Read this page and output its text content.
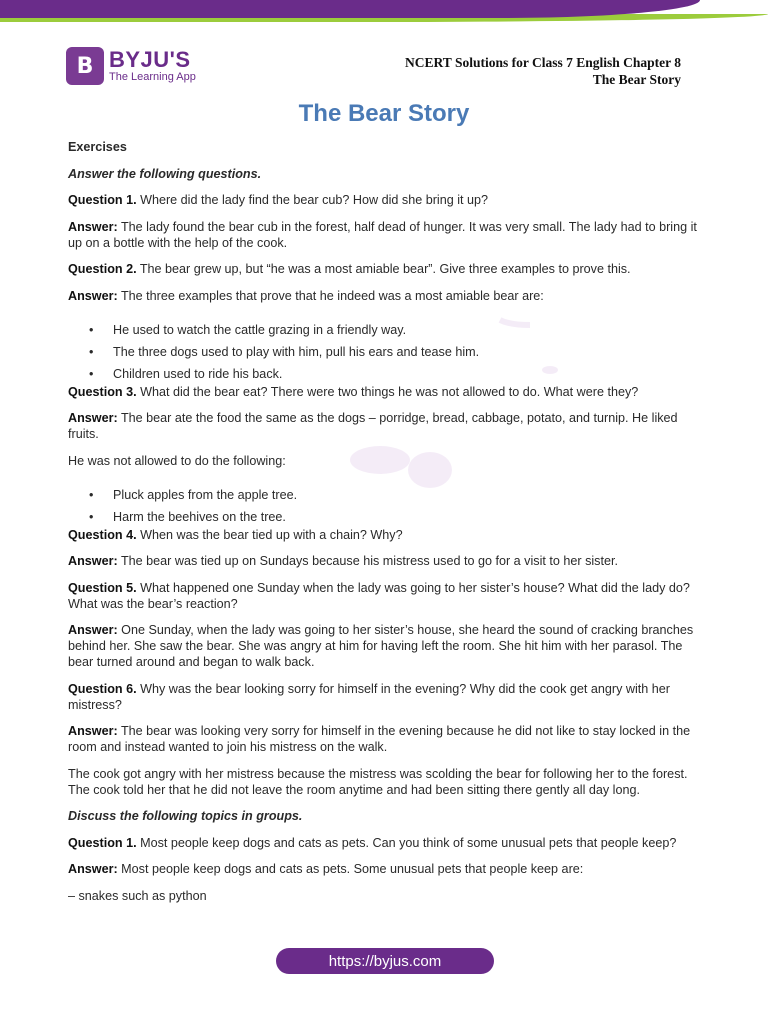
B BYJU'S
The Learning App
NCERT Solutions for Class 7 English Chapter 8
The Bear Story
The Bear Story

Exercises

Answer the following questions.

Question 1. Where did the lady find the bear cub? How did she bring it up?

Answer: The lady found the bear cub in the forest, half dead of hunger. It was very small. The lady had to bring it up on a bottle with the help of the cook.

Question 2. The bear grew up, but “he was a most amiable bear”. Give three examples to prove this.

Answer: The three examples that prove that he indeed was a most amiable bear are:

• He used to watch the cattle grazing in a friendly way.
• The three dogs used to play with him, pull his ears and tease him.
• Children used to ride his back.

Question 3. What did the bear eat? There were two things he was not allowed to do. What were they?

Answer: The bear ate the food the same as the dogs – porridge, bread, cabbage, potato, and turnip. He liked fruits.

He was not allowed to do the following:

• Pluck apples from the apple tree.
• Harm the beehives on the tree.

Question 4. When was the bear tied up with a chain? Why?

Answer: The bear was tied up on Sundays because his mistress used to go for a visit to her sister.

Question 5. What happened one Sunday when the lady was going to her sister’s house? What did the lady do? What was the bear’s reaction?

Answer: One Sunday, when the lady was going to her sister’s house, she heard the sound of cracking branches behind her. She saw the bear. She was angry at him for having left the room. She hit him with her parasol. The bear turned around and began to walk back.

Question 6. Why was the bear looking sorry for himself in the evening? Why did the cook get angry with her mistress?

Answer: The bear was looking very sorry for himself in the evening because he did not like to stay locked in the room and instead wanted to join his mistress on the walk.

The cook got angry with her mistress because the mistress was scolding the bear for following her to the forest. The cook told her that he did not leave the room anytime and had been sitting there gently all day long.

Discuss the following topics in groups.

Question 1. Most people keep dogs and cats as pets. Can you think of some unusual pets that people keep?

Answer: Most people keep dogs and cats as pets. Some unusual pets that people keep are:

– snakes such as python

https://byjus.com
